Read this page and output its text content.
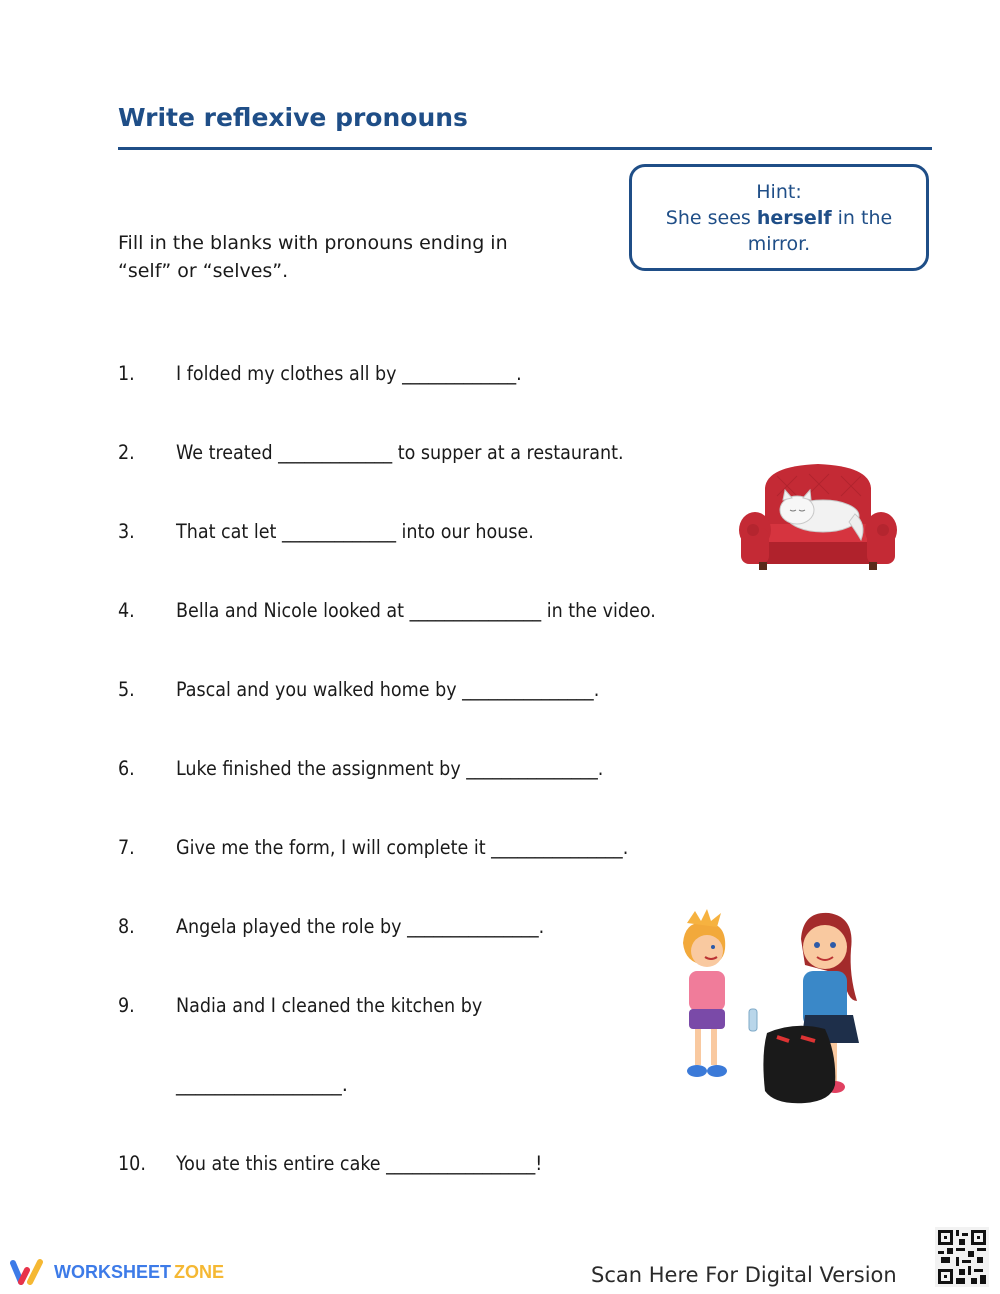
Write reflexive pronouns
Hint:
She sees herself in the
mirror.
Fill in the blanks with pronouns ending in
“self” or “selves”.
1. I folded my clothes all by _____________.
2. We treated _____________ to supper at a restaurant.
3. That cat let _____________ into our house.
4. Bella and Nicole looked at _______________ in the video.
5. Pascal and you walked home by _______________.
6. Luke finished the assignment by _______________.
7. Give me the form, I will complete it _______________.
8. Angela played the role by _______________.
9. Nadia and I cleaned the kitchen by
_________________.
10. You ate this entire cake _________________!
WORKSHEET ZONE	Scan Here For Digital Version
